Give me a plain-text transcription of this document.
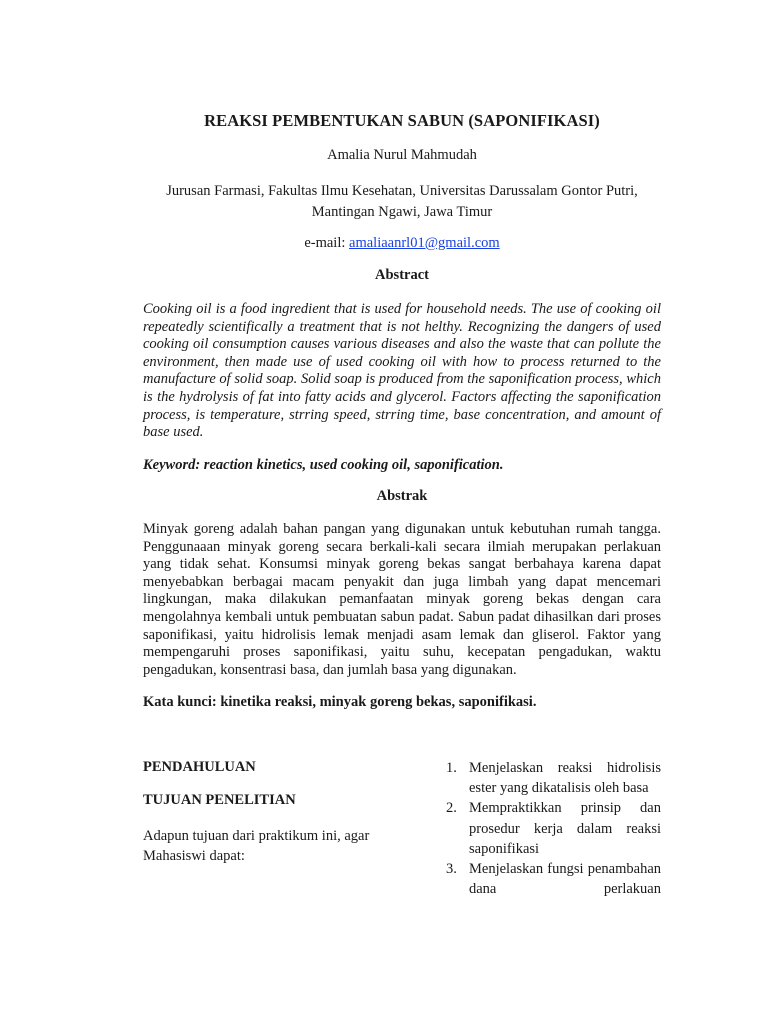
REAKSI PEMBENTUKAN SABUN (SAPONIFIKASI)
Amalia Nurul Mahmudah
Jurusan Farmasi, Fakultas Ilmu Kesehatan, Universitas Darussalam Gontor Putri,
Mantingan Ngawi, Jawa Timur
e-mail: amaliaanrl01@gmail.com
Abstract
Cooking oil is a food ingredient that is used for household needs. The use of cooking oil repeatedly scientifically a treatment that is not helthy. Recognizing the dangers of used cooking oil consumption causes various diseases and also the waste that can pollute the environment, then made use of used cooking oil with how to process returned to the manufacture of solid soap. Solid soap is produced from the saponification process, which is the hydrolysis of fat into fatty acids and glycerol. Factors affecting the saponification process, is temperature, strring speed, strring time, base concentration, and amount of base used.
Keyword: reaction kinetics, used cooking oil, saponification.
Abstrak
Minyak goreng adalah bahan pangan yang digunakan untuk kebutuhan rumah tangga. Penggunaaan minyak goreng secara berkali-kali secara ilmiah merupakan perlakuan yang tidak sehat. Konsumsi minyak goreng bekas sangat berbahaya karena dapat menyebabkan berbagai macam penyakit dan juga limbah yang dapat mencemari lingkungan, maka dilakukan pemanfaatan minyak goreng bekas dengan cara mengolahnya kembali untuk pembuatan sabun padat. Sabun padat dihasilkan dari proses saponifikasi, yaitu hidrolisis lemak menjadi asam lemak dan gliserol. Faktor yang mempengaruhi proses saponifikasi, yaitu suhu, kecepatan pengadukan, waktu pengadukan, konsentrasi basa, dan jumlah basa yang digunakan.
Kata kunci: kinetika reaksi, minyak goreng bekas, saponifikasi.
PENDAHULUAN
TUJUAN PENELITIAN
Adapun tujuan dari praktikum ini, agar Mahasiswi dapat:
1. Menjelaskan reaksi hidrolisis
ester yang dikatalisis oleh basa
2. Mempraktikkan prinsip dan prosedur kerja dalam reaksi
saponifikasi
3. Menjelaskan fungsi penambahan dana perlakuan
